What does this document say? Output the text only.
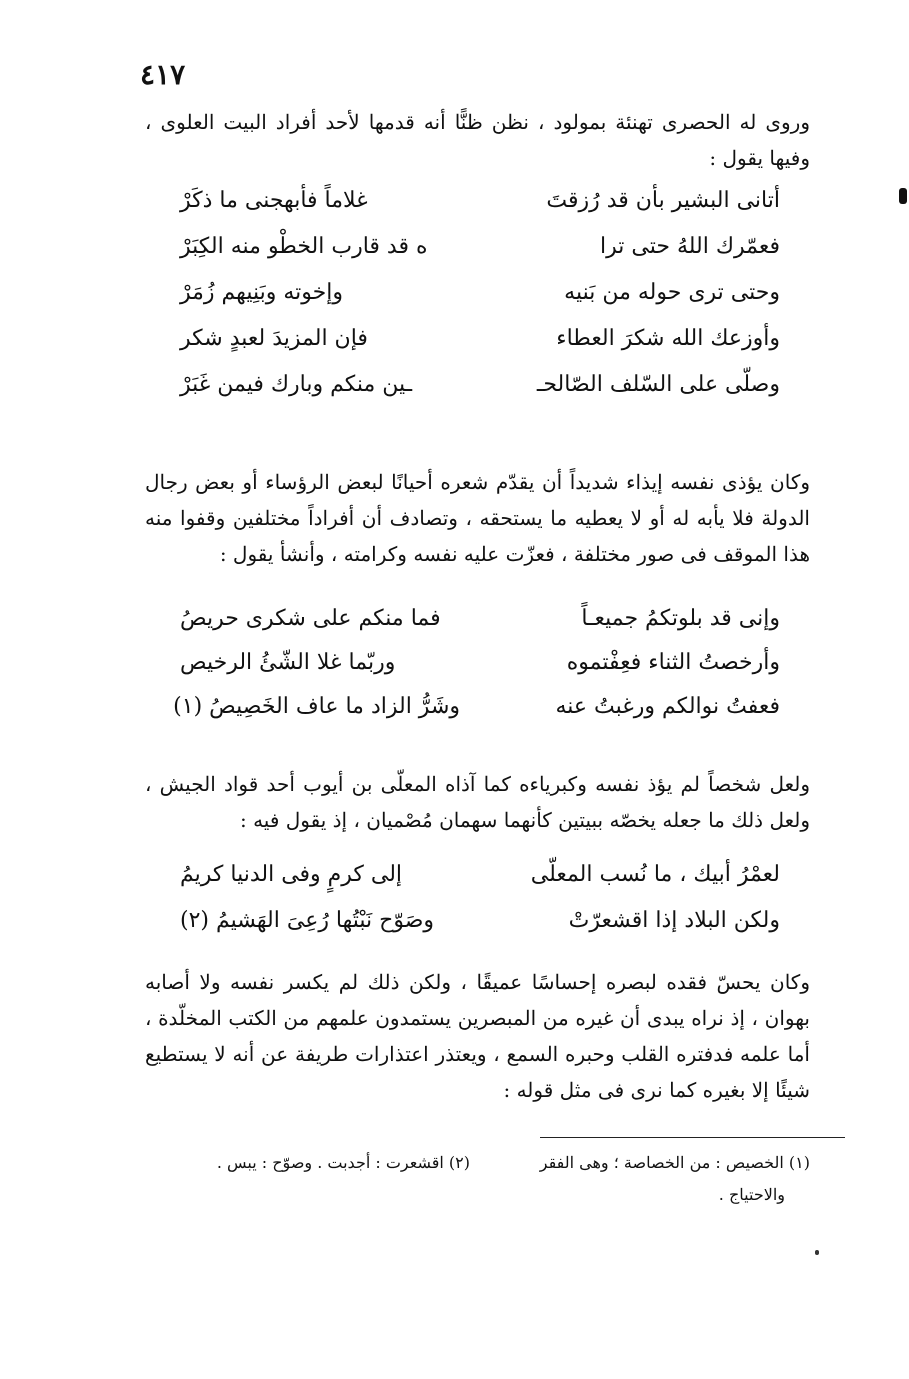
٤١٧
وروى له الحصرى تهنئة بمولود ، نظن ظنًّا أنه قدمها لأحد أفراد البيت العلوى ، وفيها يقول :
أتانى البشير بأن قد رُزقتَ
غلاماً فأبهجنى ما ذكَرْ
فعمّرك اللهُ حتى ترا
ه قد قارب الخطْو منه الكِبَرْ
وحتى ترى حوله من بَنيه
وإخوته وبَنِيهم زُمَرْ
وأوزعك الله شكرَ العطاء
فإن المزيدَ لعبدٍ شكر
وصلّى على السّلف الصّالحـ
ـين منكم وبارك فيمن غَبَرْ
وكان يؤذى نفسه إيذاء شديداً أن يقدّم شعره أحيانًا لبعض الرؤساء أو بعض رجال الدولة فلا يأبه له أو لا يعطيه ما يستحقه ، وتصادف أن أفراداً مختلفين وقفوا منه هذا الموقف فى صور مختلفة ، فعزّت عليه نفسه وكرامته ، وأنشأ يقول :
وإنى قد بلوتكمُ جميعـاً
فما منكم على شكرى حريصُ
وأرخصتُ الثناء فعِفْتموه
وربّما غلا الشّئُ الرخيص
فعفتُ نوالكم ورغبتُ عنه
وشَرُّ الزاد ما عاف الخَصِيصُ (١)
ولعل شخصاً لم يؤذ نفسه وكبرياءه كما آذاه المعلّى بن أيوب أحد قواد الجيش ، ولعل ذلك ما جعله يخصّه ببيتين كأنهما سهمان مُصْميان ، إذ يقول فيه :
لعمْرُ أبيك ، ما نُسب المعلّى
إلى كرمٍ وفى الدنيا كريمُ
ولكن البلاد إذا اقشعرّتْ
وصَوّح نَبْتُها رُعِىَ الهَشيمُ (٢)
وكان يحسّ فقده لبصره إحساسًا عميقًا ، ولكن ذلك لم يكسر نفسه ولا أصابه بهوان ، إذ نراه يبدى أن غيره من المبصرين يستمدون علمهم من الكتب المخلّدة ، أما علمه فدفتره القلب وحبره السمع ، ويعتذر اعتذارات طريفة عن أنه لا يستطيع شيئًا إلا بغيره كما نرى فى مثل قوله :
(١) الخصيص : من الخصاصة ؛ وهى الفقر
والاحتياج .
(٢) اقشعرت : أجدبت . وصوّح : يبس .
